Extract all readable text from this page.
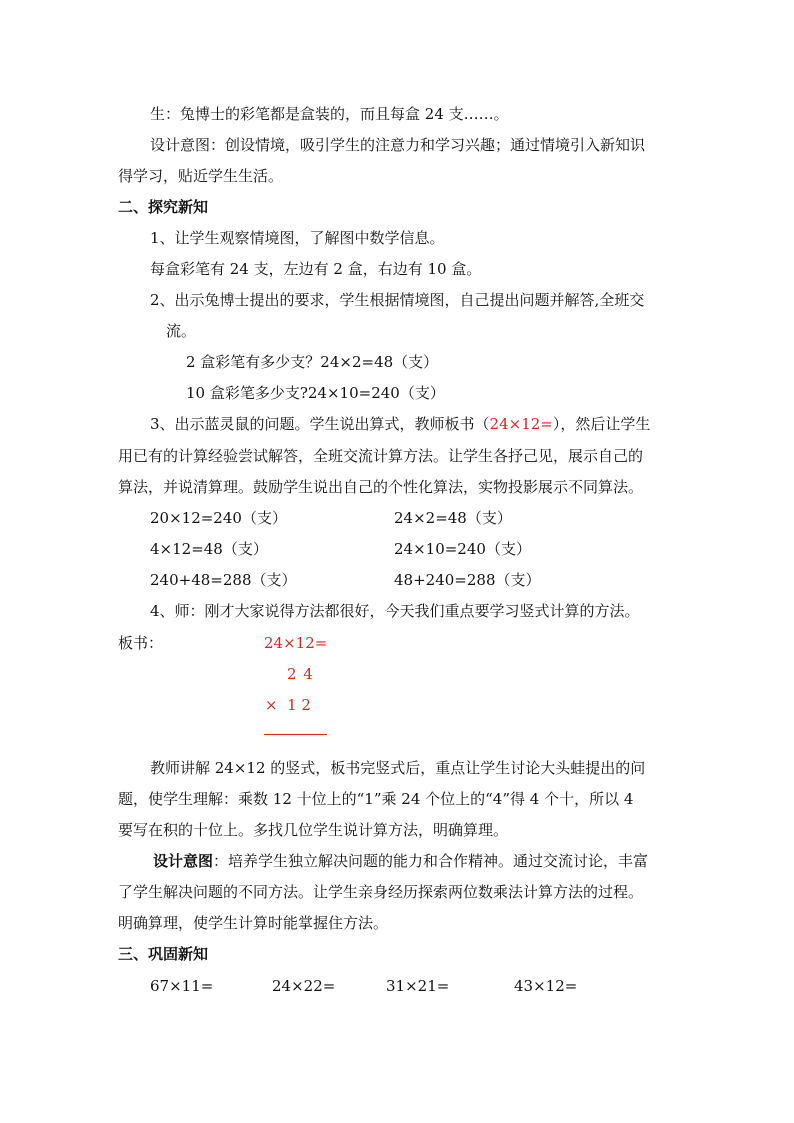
生：兔博士的彩笔都是盒装的，而且每盒 24 支……。
设计意图：创设情境，吸引学生的注意力和学习兴趣；通过情境引入新知识
得学习，贴近学生生活。
二、探究新知
1、让学生观察情境图，了解图中数学信息。
每盒彩笔有 24 支，左边有 2 盒，右边有 10 盒。
2、出示兔博士提出的要求，学生根据情境图，自己提出问题并解答,全班交
流。
2 盒彩笔有多少支？24×2=48（支）
10 盒彩笔多少支?24×10=240（支）
3、出示蓝灵鼠的问题。学生说出算式，教师板书（24×12=），然后让学生
用已有的计算经验尝试解答，全班交流计算方法。让学生各抒己见，展示自己的
算法，并说清算理。鼓励学生说出自己的个性化算法，实物投影展示不同算法。
20×12=240（支）	24×2=48（支）
4×12=48（支）	24×10=240（支）
240+48=288（支）	48+240=288（支）
4、师：刚才大家说得方法都很好，今天我们重点要学习竖式计算的方法。
板书：	24×12=
2 4
×  1 2
教师讲解 24×12 的竖式，板书完竖式后，重点让学生讨论大头蛙提出的问
题，使学生理解：乘数 12 十位上的“1”乘 24 个位上的“4”得 4 个十，所以 4
要写在积的十位上。多找几位学生说计算方法，明确算理。
设计意图：培养学生独立解决问题的能力和合作精神。通过交流讨论，丰富
了学生解决问题的不同方法。让学生亲身经历探索两位数乘法计算方法的过程。
明确算理，使学生计算时能掌握住方法。
三、巩固新知
67×11=	24×22=	31×21=	43×12=
